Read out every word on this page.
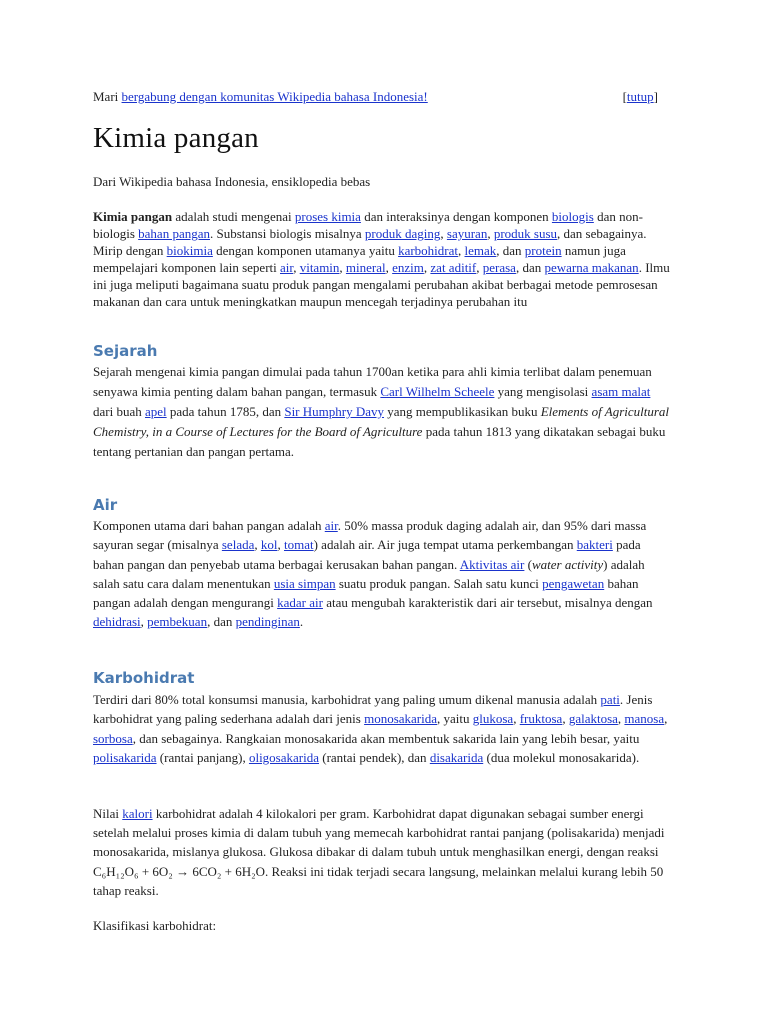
Mari bergabung dengan komunitas Wikipedia bahasa Indonesia!	[tutup]
Kimia pangan
Dari Wikipedia bahasa Indonesia, ensiklopedia bebas

Kimia pangan adalah studi mengenai proses kimia dan interaksinya dengan komponen biologis dan non-biologis bahan pangan. Substansi biologis misalnya produk daging, sayuran, produk susu, dan sebagainya. Mirip dengan biokimia dengan komponen utamanya yaitu karbohidrat, lemak, dan protein namun juga mempelajari komponen lain seperti air, vitamin, mineral, enzim, zat aditif, perasa, dan pewarna makanan. Ilmu ini juga meliputi bagaimana suatu produk pangan mengalami perubahan akibat berbagai metode pemrosesan makanan dan cara untuk meningkatkan maupun mencegah terjadinya perubahan itu

Sejarah

Sejarah mengenai kimia pangan dimulai pada tahun 1700an ketika para ahli kimia terlibat dalam penemuan senyawa kimia penting dalam bahan pangan, termasuk Carl Wilhelm Scheele yang mengisolasi asam malat dari buah apel pada tahun 1785, dan Sir Humphry Davy yang mempublikasikan buku Elements of Agricultural Chemistry, in a Course of Lectures for the Board of Agriculture pada tahun 1813 yang dikatakan sebagai buku tentang pertanian dan pangan pertama.

Air

Komponen utama dari bahan pangan adalah air. 50% massa produk daging adalah air, dan 95% dari massa sayuran segar (misalnya selada, kol, tomat) adalah air. Air juga tempat utama perkembangan bakteri pada bahan pangan dan penyebab utama berbagai kerusakan bahan pangan. Aktivitas air (water activity) adalah salah satu cara dalam menentukan usia simpan suatu produk pangan. Salah satu kunci pengawetan bahan pangan adalah dengan mengurangi kadar air atau mengubah karakteristik dari air tersebut, misalnya dengan dehidrasi, pembekuan, dan pendinginan.

Karbohidrat

Terdiri dari 80% total konsumsi manusia, karbohidrat yang paling umum dikenal manusia adalah pati. Jenis karbohidrat yang paling sederhana adalah dari jenis monosakarida, yaitu glukosa, fruktosa, galaktosa, manosa, sorbosa, dan sebagainya. Rangkaian monosakarida akan membentuk sakarida lain yang lebih besar, yaitu polisakarida (rantai panjang), oligosakarida (rantai pendek), dan disakarida (dua molekul monosakarida).

Nilai kalori karbohidrat adalah 4 kilokalori per gram. Karbohidrat dapat digunakan sebagai sumber energi setelah melalui proses kimia di dalam tubuh yang memecah karbohidrat rantai panjang (polisakarida) menjadi monosakarida, mislanya glukosa. Glukosa dibakar di dalam tubuh untuk menghasilkan energi, dengan reaksi C₆H₁₂O₆ + 6O₂ → 6CO₂ + 6H₂O. Reaksi ini tidak terjadi secara langsung, melainkan melalui kurang lebih 50 tahap reaksi.

Klasifikasi karbohidrat:
